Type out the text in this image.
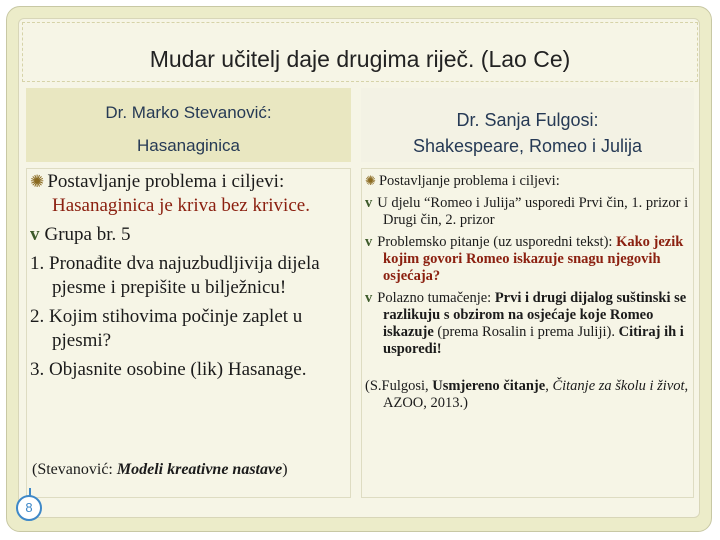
Mudar učitelj daje drugima riječ. (Lao Ce)
Dr. Marko Stevanović:
Hasanaginica
Dr. Sanja Fulgosi:
Shakespeare, Romeo i Julija

✺ Postavljanje problema i ciljevi: Hasanaginica je kriva bez krivice.

v Grupa br. 5

1. Pronađite dva najuzbudljivija dijela pjesme i prepišite u bilježnicu!

2. Kojim stihovima počinje zaplet u pjesmi?

3. Objasnite osobine (lik) Hasanage.

(Stevanović: Modeli kreativne nastave)

✺ Postavljanje problema i ciljevi:

v U djelu “Romeo i Julija” usporedi Prvi čin, 1. prizor i Drugi čin, 2. prizor

v Problemsko pitanje (uz usporedni tekst): Kako jezik kojim govori Romeo iskazuje snagu njegovih osjećaja?

v Polazno tumačenje: Prvi i drugi dijalog suštinski se razlikuju s obzirom na osjećaje koje Romeo iskazuje (prema Rosalin i prema Juliji). Citiraj ih i usporedi!

(S.Fulgosi, Usmjereno čitanje, Čitanje za školu i život, AZOO, 2013.)

8
